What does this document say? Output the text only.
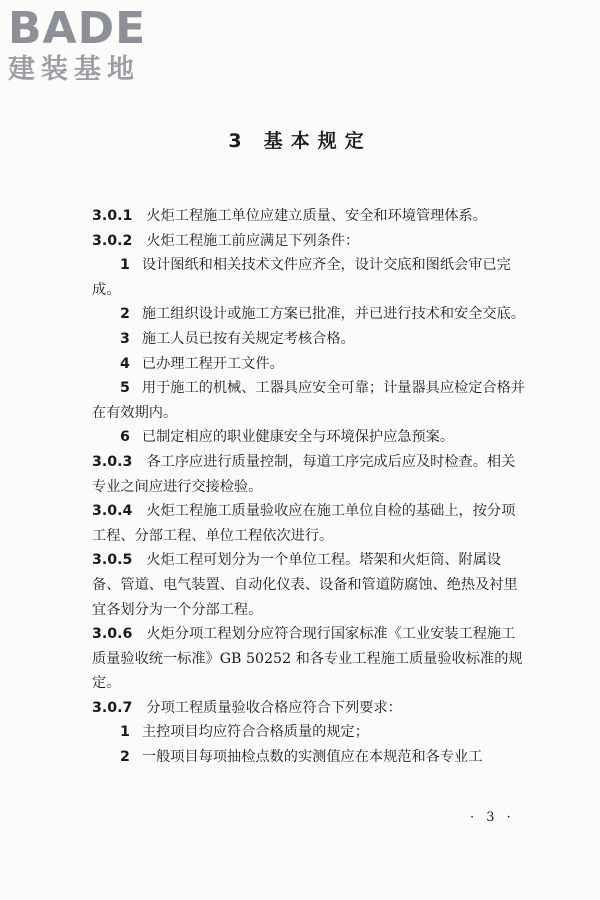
BADE
建装基地
3 基本规定

3.0.1 火炬工程施工单位应建立质量、安全和环境管理体系。

3.0.2 火炬工程施工前应满足下列条件：

1 设计图纸和相关技术文件应齐全，设计交底和图纸会审已完成。

2 施工组织设计或施工方案已批准，并已进行技术和安全交底。

3 施工人员已按有关规定考核合格。

4 已办理工程开工文件。

5 用于施工的机械、工器具应安全可靠；计量器具应检定合格并在有效期内。

6 已制定相应的职业健康安全与环境保护应急预案。

3.0.3 各工序应进行质量控制，每道工序完成后应及时检查。相关专业之间应进行交接检验。

3.0.4 火炬工程施工质量验收应在施工单位自检的基础上，按分项工程、分部工程、单位工程依次进行。

3.0.5 火炬工程可划分为一个单位工程。塔架和火炬筒、附属设备、管道、电气装置、自动化仪表、设备和管道防腐蚀、绝热及衬里宜各划分为一个分部工程。

3.0.6 火炬分项工程划分应符合现行国家标准《工业安装工程施工质量验收统一标准》GB 50252 和各专业工程施工质量验收标准的规定。

3.0.7 分项工程质量验收合格应符合下列要求：

1 主控项目均应符合合格质量的规定；

2 一般项目每项抽检点数的实测值应在本规范和各专业工

· 3 ·
